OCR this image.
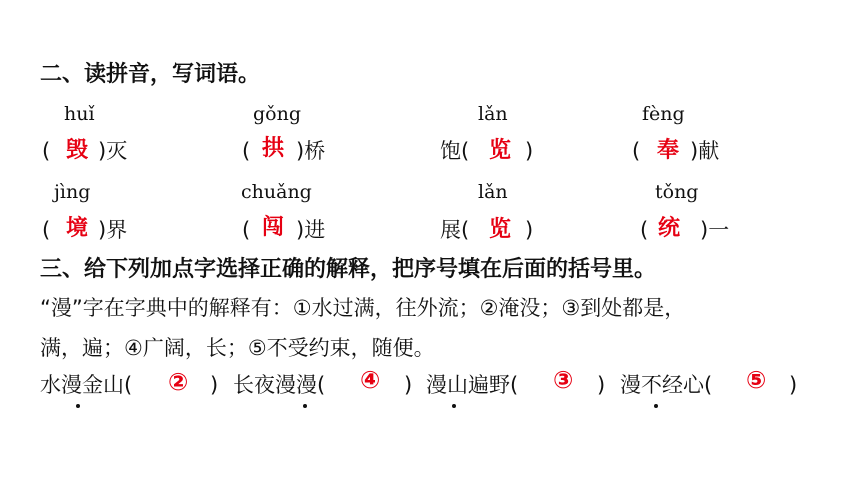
二、读拼音，写词语。
huǐ	gǒng	lǎn	fèng
( 毁 )灭	( 拱 )桥	饱( 览 )	( 奉 )献
jìng	chuǎng	lǎn	tǒng
( 境 )界	( 闯 )进	展( 览 )	( 统 )一
三、给下列加点字选择正确的解释，把序号填在后面的括号里。
“漫”字在字典中的解释有：①水过满，往外流；②淹没；③到处都是，
满，遍；④广阔，长；⑤不受约束，随便。
水漫金山( ② ) 长夜漫漫( ④ ) 漫山遍野( ③ ) 漫不经心( ⑤ )
